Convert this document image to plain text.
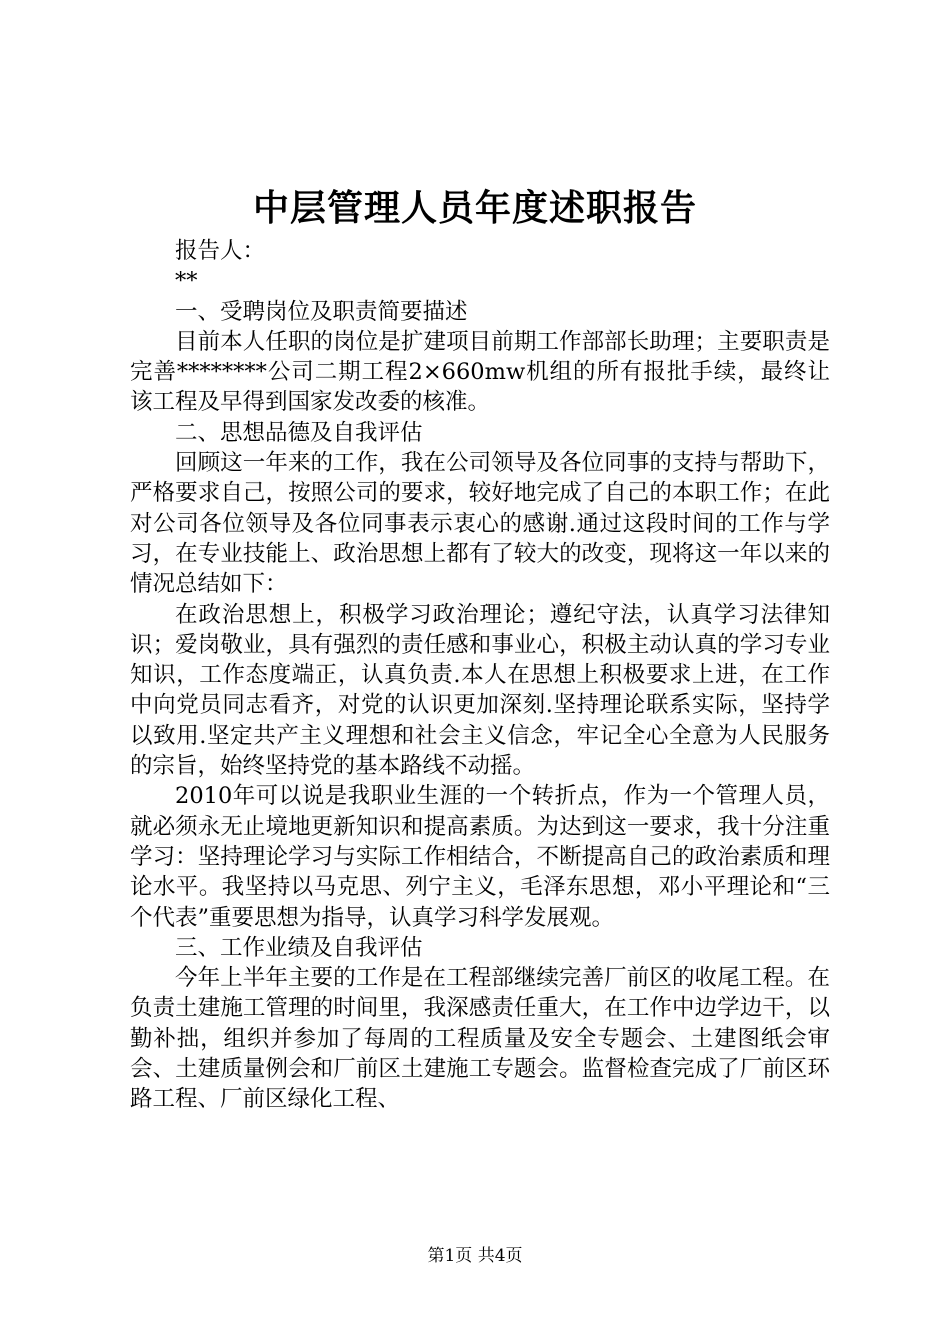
中层管理人员年度述职报告

报告人：

**

一、受聘岗位及职责简要描述

目前本人任职的岗位是扩建项目前期工作部部长助理；主要职责是完善********公司二期工程2×660mw机组的所有报批手续，最终让该工程及早得到国家发改委的核准。

二、思想品德及自我评估

回顾这一年来的工作，我在公司领导及各位同事的支持与帮助下，严格要求自己，按照公司的要求，较好地完成了自己的本职工作；在此对公司各位领导及各位同事表示衷心的感谢.通过这段时间的工作与学习，在专业技能上、政治思想上都有了较大的改变，现将这一年以来的情况总结如下：

在政治思想上，积极学习政治理论；遵纪守法，认真学习法律知识；爱岗敬业，具有强烈的责任感和事业心，积极主动认真的学习专业知识，工作态度端正，认真负责.本人在思想上积极要求上进，在工作中向党员同志看齐，对党的认识更加深刻.坚持理论联系实际，坚持学以致用.坚定共产主义理想和社会主义信念，牢记全心全意为人民服务的宗旨，始终坚持党的基本路线不动摇。

2010年可以说是我职业生涯的一个转折点，作为一个管理人员，就必须永无止境地更新知识和提高素质。为达到这一要求，我十分注重学习：坚持理论学习与实际工作相结合，不断提高自己的政治素质和理论水平。我坚持以马克思、列宁主义，毛泽东思想，邓小平理论和“三个代表”重要思想为指导，认真学习科学发展观。

三、工作业绩及自我评估

今年上半年主要的工作是在工程部继续完善厂前区的收尾工程。在负责土建施工管理的时间里，我深感责任重大，在工作中边学边干，以勤补拙，组织并参加了每周的工程质量及安全专题会、土建图纸会审会、土建质量例会和厂前区土建施工专题会。监督检查完成了厂前区环路工程、厂前区绿化工程、

第1页 共4页
